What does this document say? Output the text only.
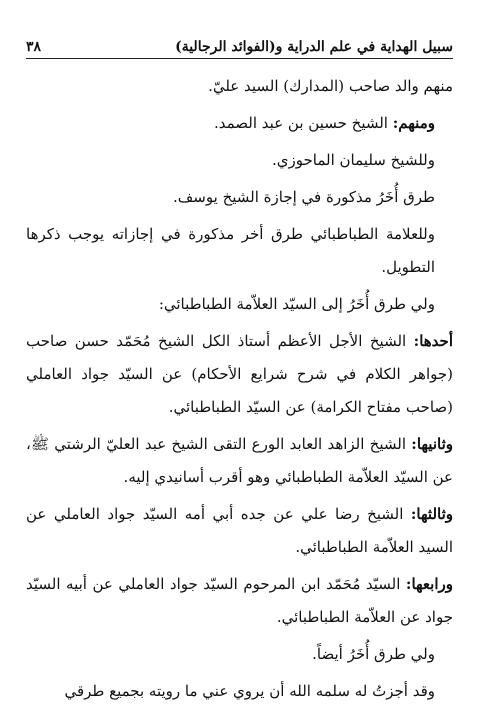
سبيل الهداية في علم الدراية و(الفوائد الرجالية)
٣٨

منهم والد صاحب (المدارك) السيد عليّ.

ومنهم: الشيخ حسين بن عبد الصمد.

وللشيخ سليمان الماحوزي.

طرق أُخَرُ مذكورة في إجازة الشيخ يوسف.

وللعلامة الطباطبائي طرق أخر مذكورة في إجازاته يوجب ذكرها التطويل.

ولي طرق أُخَرُ إلى السيّد العلاّمة الطباطبائي:

أحدها: الشيخ الأجل الأعظم أستاذ الكل الشيخ مُحَمّد حسن صاحب (جواهر الكلام في شرح شرايع الأحكام) عن السيّد جواد العاملي (صاحب مفتاح الكرامة) عن السيّد الطباطبائي.

وثانيها: الشيخ الزاهد العابد الورع التقى الشيخ عبد العليّ الرشتي ﷺ، عن السيّد العلاّمة الطباطبائي وهو أقرب أسانيدي إليه.

وثالثها: الشيخ رضا علي عن جده أبي أمه السيّد جواد العاملي عن السيد العلاّمة الطباطبائي.

ورابعها: السيّد مُحَمّد ابن المرحوم السيّد جواد العاملي عن أبيه السيّد جواد عن العلاّمة الطباطبائي.

ولي طرق أُخَرُ أيضاً.

وقد أجزتُ له سلمه الله أن يروي عني ما رويته بجميع طرقي
